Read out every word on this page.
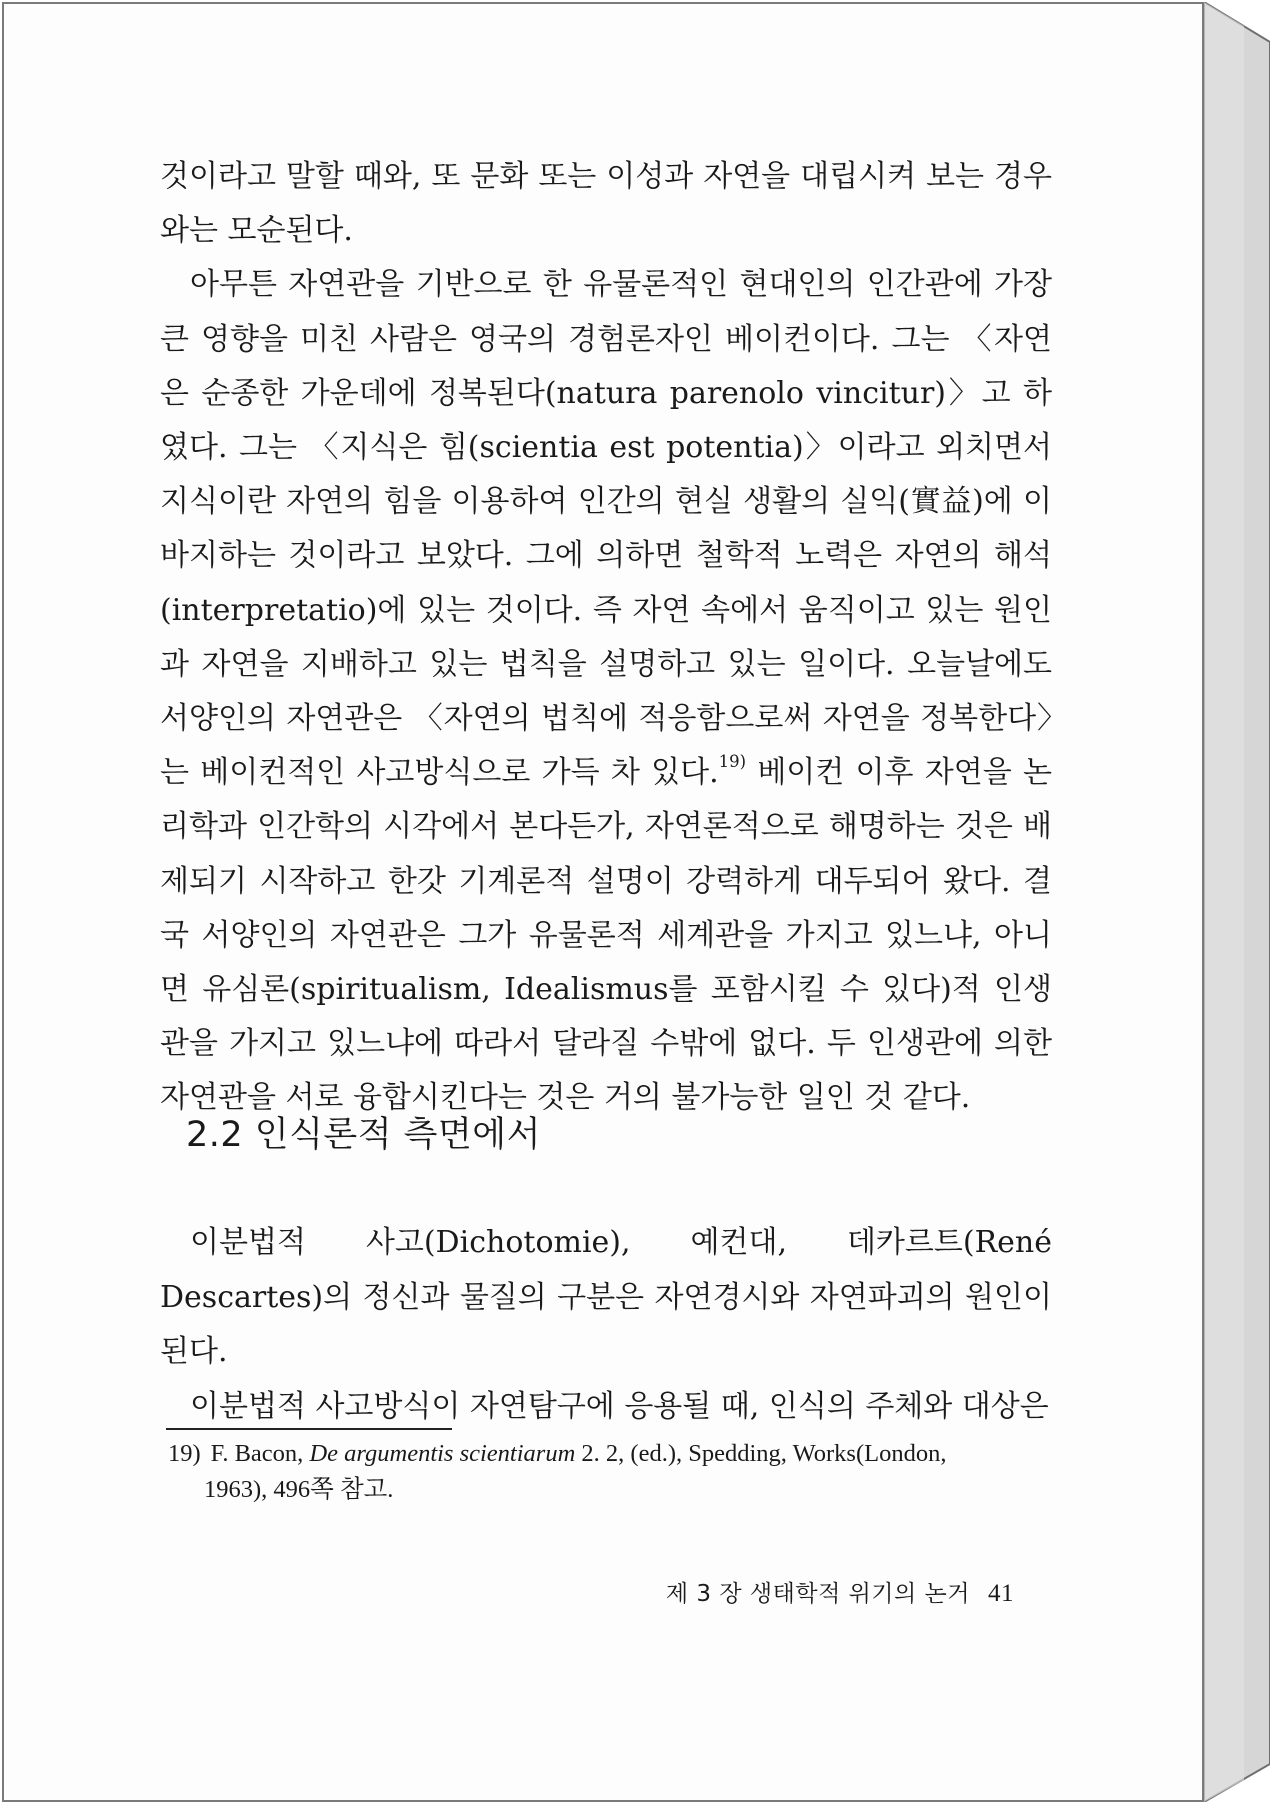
것이라고 말할 때와, 또 문화 또는 이성과 자연을 대립시켜 보는 경우와는 모순된다.

아무튼 자연관을 기반으로 한 유물론적인 현대인의 인간관에 가장 큰 영향을 미친 사람은 영국의 경험론자인 베이컨이다. 그는 〈자연은 순종한 가운데에 정복된다(natura parenolo vincitur)〉고 하였다. 그는 〈지식은 힘(scientia est potentia)〉이라고 외치면서 지식이란 자연의 힘을 이용하여 인간의 현실 생활의 실익(實益)에 이바지하는 것이라고 보았다. 그에 의하면 철학적 노력은 자연의 해석(interpretatio)에 있는 것이다. 즉 자연 속에서 움직이고 있는 원인과 자연을 지배하고 있는 법칙을 설명하고 있는 일이다. 오늘날에도 서양인의 자연관은 〈자연의 법칙에 적응함으로써 자연을 정복한다〉는 베이컨적인 사고방식으로 가득 차 있다.$^{19)}$ 베이컨 이후 자연을 논리학과 인간학의 시각에서 본다든가, 자연론적으로 해명하는 것은 배제되기 시작하고 한갓 기계론적 설명이 강력하게 대두되어 왔다. 결국 서양인의 자연관은 그가 유물론적 세계관을 가지고 있느냐, 아니면 유심론(spiritualism, Idealismus를 포함시킬 수 있다)적 인생관을 가지고 있느냐에 따라서 달라질 수밖에 없다. 두 인생관에 의한 자연관을 서로 융합시킨다는 것은 거의 불가능한 일인 것 같다.

2.2 인식론적 측면에서

이분법적 사고(Dichotomie), 예컨대, 데카르트(René Descartes)의 정신과 물질의 구분은 자연경시와 자연파괴의 원인이 된다.

이분법적 사고방식이 자연탐구에 응용될 때, 인식의 주체와 대상은

19) F. Bacon, De argumentis scientiarum 2. 2, (ed.), Spedding, Works(London,
1963), 496쪽 참고.
제 3 장 생태학적 위기의 논거 41
